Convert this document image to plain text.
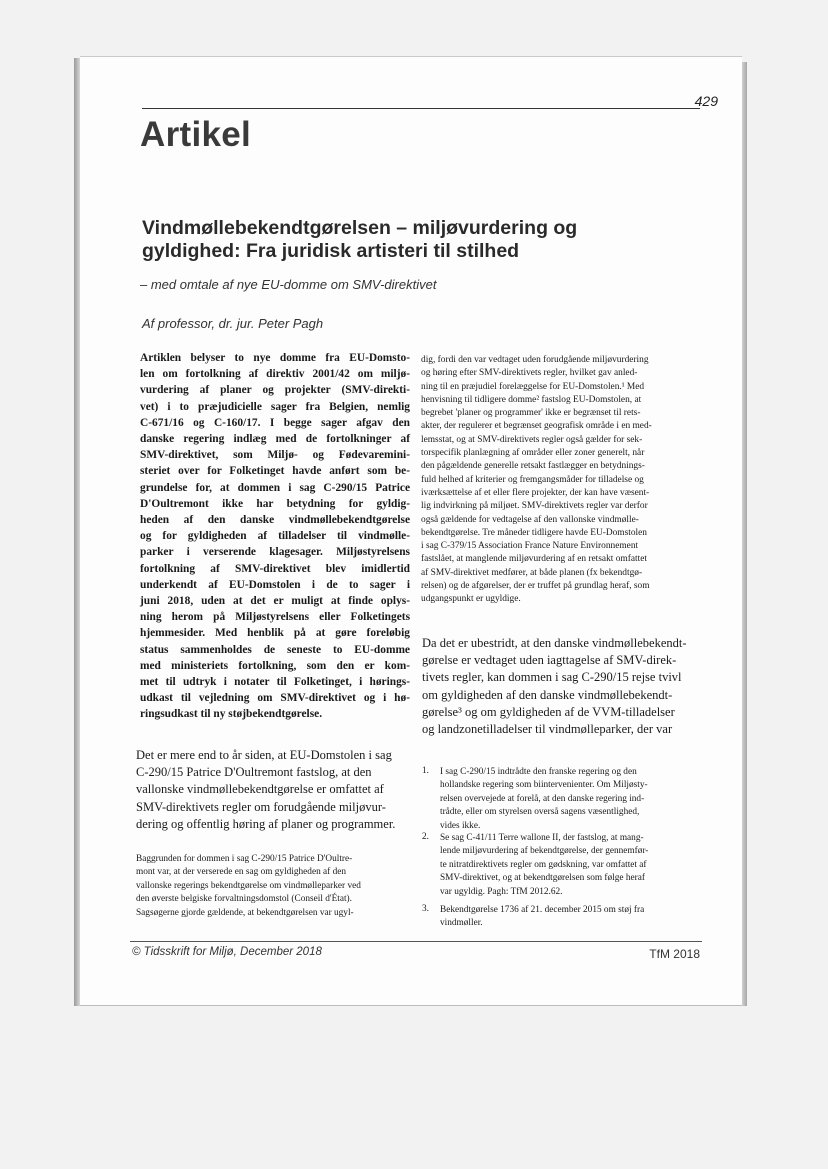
429
Artikel
Vindmøllebekendtgørelsen – miljøvurdering og
gyldighed: Fra juridisk artisteri til stilhed
– med omtale af nye EU-domme om SMV-direktivet
Af professor, dr. jur. Peter Pagh
Artiklen belyser to nye domme fra EU-Domsto-
len om fortolkning af direktiv 2001/42 om miljø-
vurdering af planer og projekter (SMV-direkti-
vet) i to præjudicielle sager fra Belgien, nemlig
C-671/16 og C-160/17. I begge sager afgav den
danske regering indlæg med de fortolkninger af
SMV-direktivet, som Miljø- og Fødevaremini-
steriet over for Folketinget havde anført som be-
grundelse for, at dommen i sag C-290/15 Patrice
D'Oultremont ikke har betydning for gyldig-
heden af den danske vindmøllebekendtgørelse
og for gyldigheden af tilladelser til vindmølle-
parker i verserende klagesager. Miljøstyrelsens
fortolkning af SMV-direktivet blev imidlertid
underkendt af EU-Domstolen i de to sager i
juni 2018, uden at det er muligt at finde oplys-
ning herom på Miljøstyrelsens eller Folketingets
hjemmesider. Med henblik på at gøre foreløbig
status sammenholdes de seneste to EU-domme
med ministeriets fortolkning, som den er kom-
met til udtryk i notater til Folketinget, i hørings-
udkast til vejledning om SMV-direktivet og i hø-
ringsudkast til ny støjbekendtgørelse.
Det er mere end to år siden, at EU-Domstolen i sag
C-290/15 Patrice D'Oultremont fastslog, at den
vallonske vindmøllebekendtgørelse er omfattet af
SMV-direktivets regler om forudgående miljøvur-
dering og offentlig høring af planer og programmer.
Baggrunden for dommen i sag C-290/15 Patrice D'Oultre-
mont var, at der verserede en sag om gyldigheden af den
vallonske regerings bekendtgørelse om vindmølleparker ved
den øverste belgiske forvaltningsdomstol (Conseil d'État).
Sagsøgerne gjorde gældende, at bekendtgørelsen var ugyl-
dig, fordi den var vedtaget uden forudgående miljøvurdering
og høring efter SMV-direktivets regler, hvilket gav anled-
ning til en præjudiel forelæggelse for EU-Domstolen.¹ Med
henvisning til tidligere domme² fastslog EU-Domstolen, at
begrebet 'planer og programmer' ikke er begrænset til rets-
akter, der regulerer et begrænset geografisk område i en med-
lemsstat, og at SMV-direktivets regler også gælder for sek-
torspecifik planlægning af områder eller zoner generelt, når
den pågældende generelle retsakt fastlægger en betydnings-
fuld helhed af kriterier og fremgangsmåder for tilladelse og
iværksættelse af et eller flere projekter, der kan have væsent-
lig indvirkning på miljøet. SMV-direktivets regler var derfor
også gældende for vedtagelse af den vallonske vindmølle-
bekendtgørelse. Tre måneder tidligere havde EU-Domstolen
i sag C-379/15 Association France Nature Environnement
fastslået, at manglende miljøvurdering af en retsakt omfattet
af SMV-direktivet medfører, at både planen (fx bekendtgø-
relsen) og de afgørelser, der er truffet på grundlag heraf, som
udgangspunkt er ugyldige.
Da det er ubestridt, at den danske vindmøllebekendt-
gørelse er vedtaget uden iagttagelse af SMV-direk-
tivets regler, kan dommen i sag C-290/15 rejse tvivl
om gyldigheden af den danske vindmøllebekendt-
gørelse³ og om gyldigheden af de VVM-tilladelser
og landzonetilladelser til vindmølleparker, der var
1. I sag C-290/15 indtrådte den franske regering og den
hollandske regering som biintervenienter. Om Miljøsty-
relsen overvejede at forelå, at den danske regering ind-
trådte, eller om styrelsen overså sagens væsentlighed,
vides ikke.
2. Se sag C-41/11 Terre wallone II, der fastslog, at mang-
lende miljøvurdering af bekendtgørelse, der gennemfør-
te nitratdirektivets regler om gødskning, var omfattet af
SMV-direktivet, og at bekendtgørelsen som følge heraf
var ugyldig. Pagh: TfM 2012.62.
3. Bekendtgørelse 1736 af 21. december 2015 om støj fra
vindmøller.
© Tidsskrift for Miljø, December 2018	TfM 2018
